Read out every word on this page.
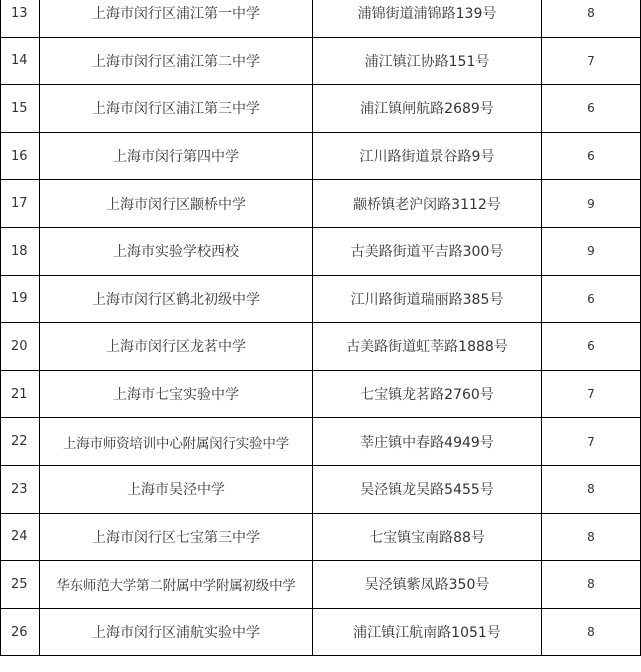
13	上海市闵行区浦江第一中学	浦锦街道浦锦路139号	8
14	上海市闵行区浦江第二中学	浦江镇江协路151号	7
15	上海市闵行区浦江第三中学	浦江镇闸航路2689号	6
16	上海市闵行第四中学	江川路街道景谷路9号	6
17	上海市闵行区颛桥中学	颛桥镇老沪闵路3112号	9
18	上海市实验学校西校	古美路街道平吉路300号	9
19	上海市闵行区鹤北初级中学	江川路街道瑞丽路385号	6
20	上海市闵行区龙茗中学	古美路街道虹莘路1888号	6
21	上海市七宝实验中学	七宝镇龙茗路2760号	7
22	上海市师资培训中心附属闵行实验中学	莘庄镇中春路4949号	7
23	上海市吴泾中学	吴泾镇龙吴路5455号	8
24	上海市闵行区七宝第三中学	七宝镇宝南路88号	8
25	华东师范大学第二附属中学附属初级中学	吴泾镇紫凤路350号	8
26	上海市闵行区浦航实验中学	浦江镇江航南路1051号	8
